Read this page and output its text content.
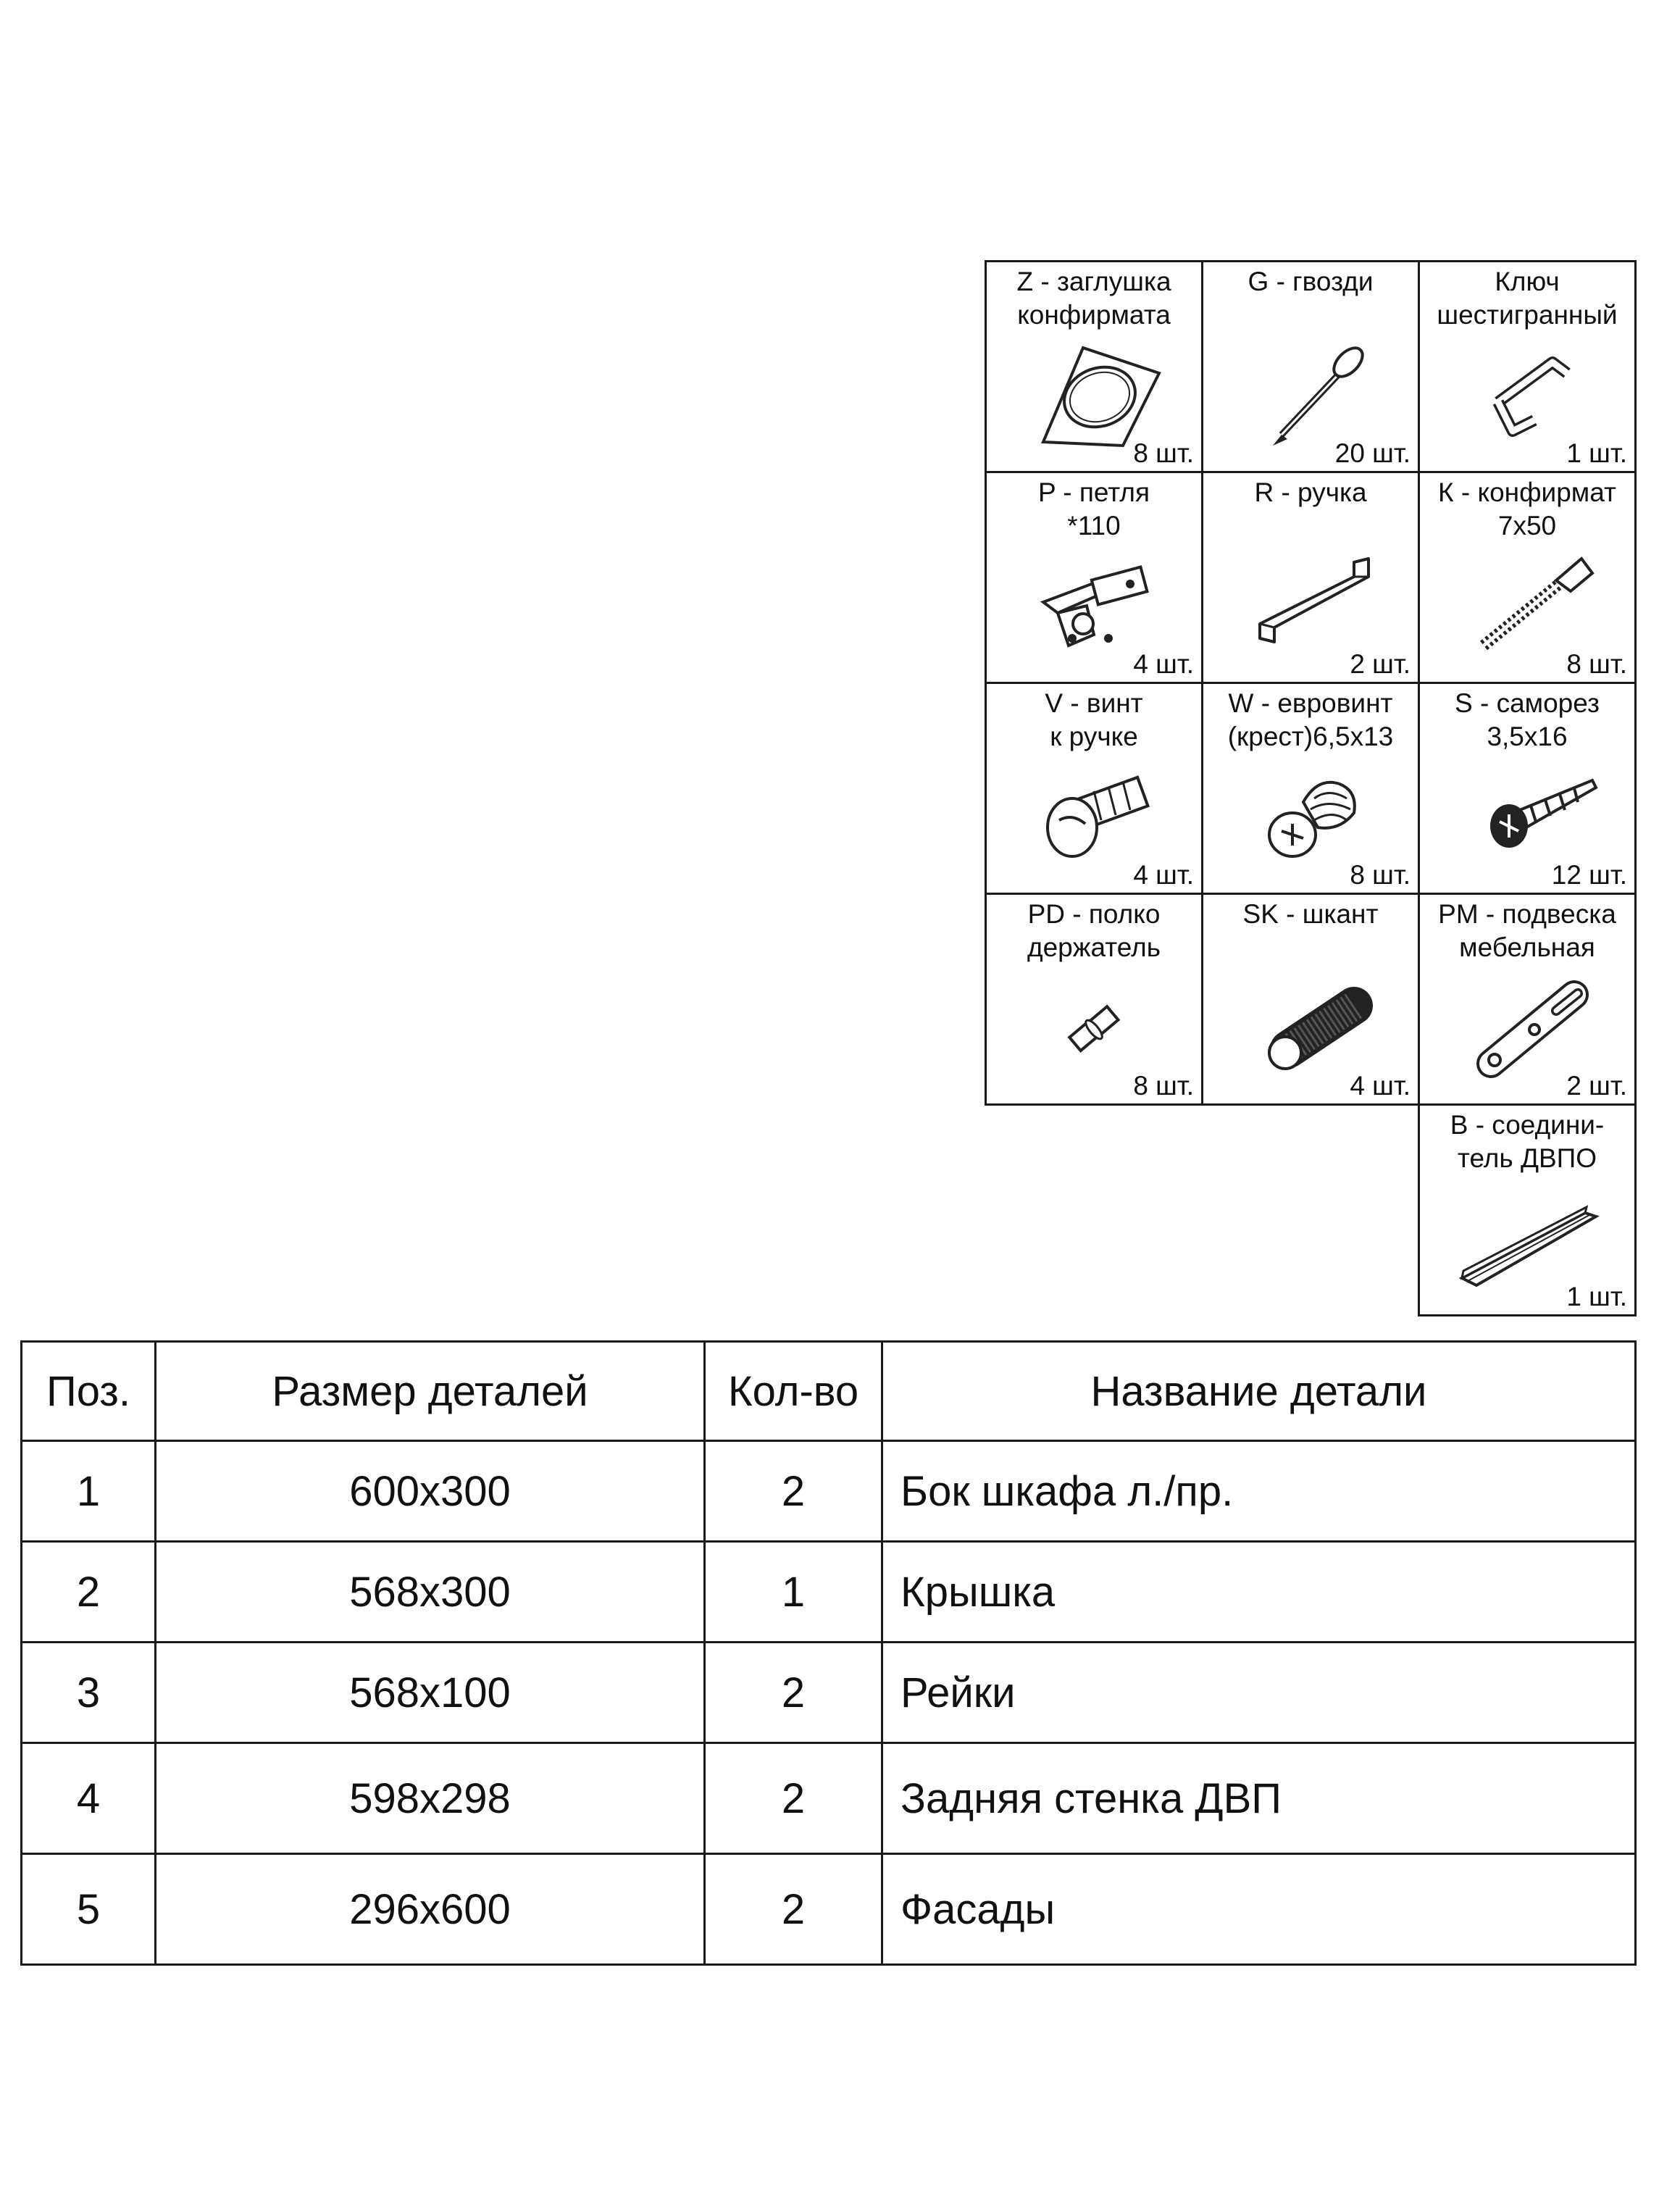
Z - заглушка
конфирмата
8 шт.
G - гвозди
20 шт.
Ключ
шестигранный
1 шт.
P - петля
*110
4 шт.
R - ручка
2 шт.
К - конфирмат
7х50
8 шт.
V - винт
к ручке
4 шт.
W - евровинт
(крест)6,5х13
8 шт.
S - саморез
3,5х16
12 шт.
PD - полко
держатель
8 шт.
SK - шкант
4 шт.
PM - подвеска
мебельная
2 шт.
B - соедини-
тель ДВПО
1 шт.
Поз.	Размер деталей	Кол-во	Название детали
1	600х300	2	Бок шкафа л./пр.
2	568х300	1	Крышка
3	568х100	2	Рейки
4	598х298	2	Задняя стенка ДВП
5	296х600	2	Фасады
